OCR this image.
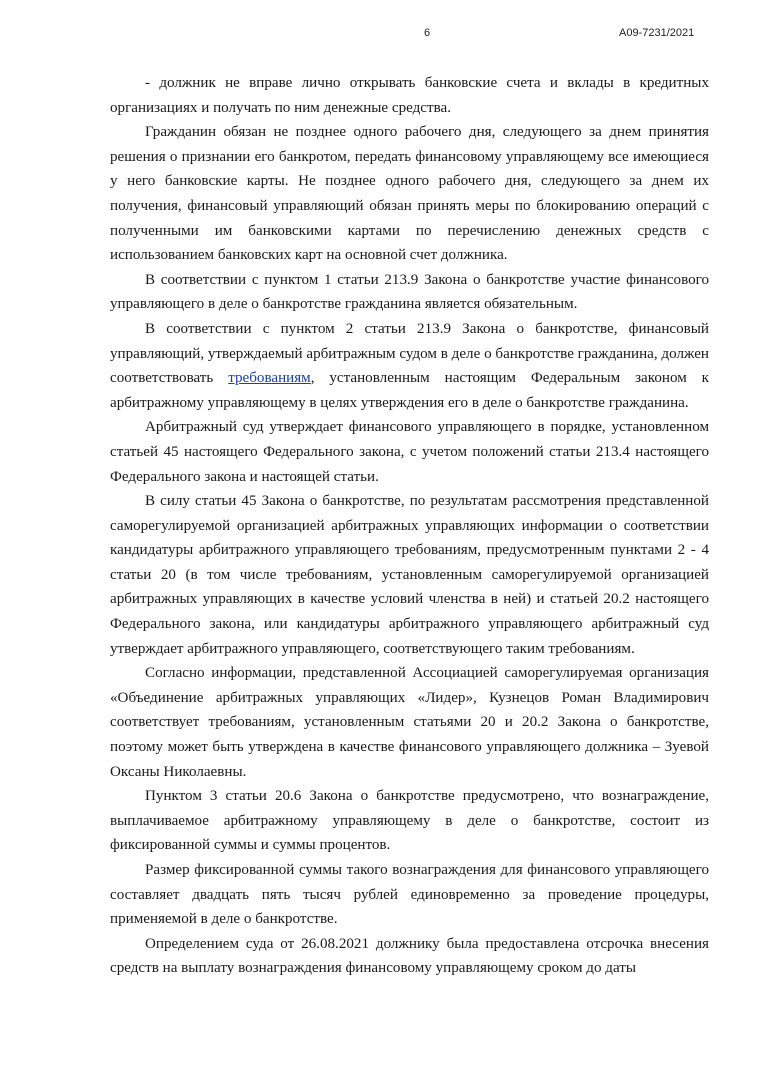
6	А09-7231/2021

- должник не вправе лично открывать банковские счета и вклады в кредитных организациях и получать по ним денежные средства.

Гражданин обязан не позднее одного рабочего дня, следующего за днем принятия решения о признании его банкротом, передать финансовому управляющему все имеющиеся у него банковские карты. Не позднее одного рабочего дня, следующего за днем их получения, финансовый управляющий обязан принять меры по блокированию операций с полученными им банковскими картами по перечислению денежных средств с использованием банковских карт на основной счет должника.

В соответствии с пунктом 1 статьи 213.9 Закона о банкротстве участие финансового управляющего в деле о банкротстве гражданина является обязательным.

В соответствии с пунктом 2 статьи 213.9 Закона о банкротстве, финансовый управляющий, утверждаемый арбитражным судом в деле о банкротстве гражданина, должен соответствовать требованиям, установленным настоящим Федеральным законом к арбитражному управляющему в целях утверждения его в деле о банкротстве гражданина.

Арбитражный суд утверждает финансового управляющего в порядке, установленном статьей 45 настоящего Федерального закона, с учетом положений статьи 213.4 настоящего Федерального закона и настоящей статьи.

В силу статьи 45 Закона о банкротстве, по результатам рассмотрения представленной саморегулируемой организацией арбитражных управляющих информации о соответствии кандидатуры арбитражного управляющего требованиям, предусмотренным пунктами 2 - 4 статьи 20 (в том числе требованиям, установленным саморегулируемой организацией арбитражных управляющих в качестве условий членства в ней) и статьей 20.2 настоящего Федерального закона, или кандидатуры арбитражного управляющего арбитражный суд утверждает арбитражного управляющего, соответствующего таким требованиям.

Согласно информации, представленной Ассоциацией саморегулируемая организация «Объединение арбитражных управляющих «Лидер», Кузнецов Роман Владимирович соответствует требованиям, установленным статьями 20 и 20.2 Закона о банкротстве, поэтому может быть утверждена в качестве финансового управляющего должника – Зуевой Оксаны Николаевны.

Пунктом 3 статьи 20.6 Закона о банкротстве предусмотрено, что вознаграждение, выплачиваемое арбитражному управляющему в деле о банкротстве, состоит из фиксированной суммы и суммы процентов.

Размер фиксированной суммы такого вознаграждения для финансового управляющего составляет двадцать пять тысяч рублей единовременно за проведение процедуры, применяемой в деле о банкротстве.

Определением суда от 26.08.2021 должнику была предоставлена отсрочка внесения средств на выплату вознаграждения финансовому управляющему сроком до даты
